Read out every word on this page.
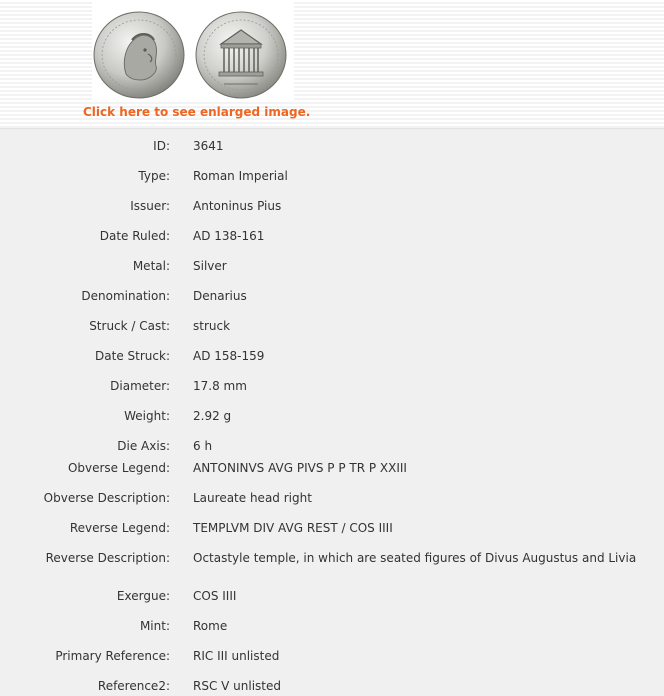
Click here to see enlarged image.
ID: 3641
Type: Roman Imperial
Issuer: Antoninus Pius
Date Ruled: AD 138-161
Metal: Silver
Denomination: Denarius
Struck / Cast: struck
Date Struck: AD 158-159
Diameter: 17.8 mm
Weight: 2.92 g
Die Axis: 6 h
Obverse Legend: ANTONINVS AVG PIVS P P TR P XXIII
Obverse Description: Laureate head right
Reverse Legend: TEMPLVM DIV AVG REST / COS IIII
Reverse Description: Octastyle temple, in which are seated figures of Divus Augustus and Livia
Exergue: COS IIII
Mint: Rome
Primary Reference: RIC III unlisted
Reference2: RSC V unlisted
